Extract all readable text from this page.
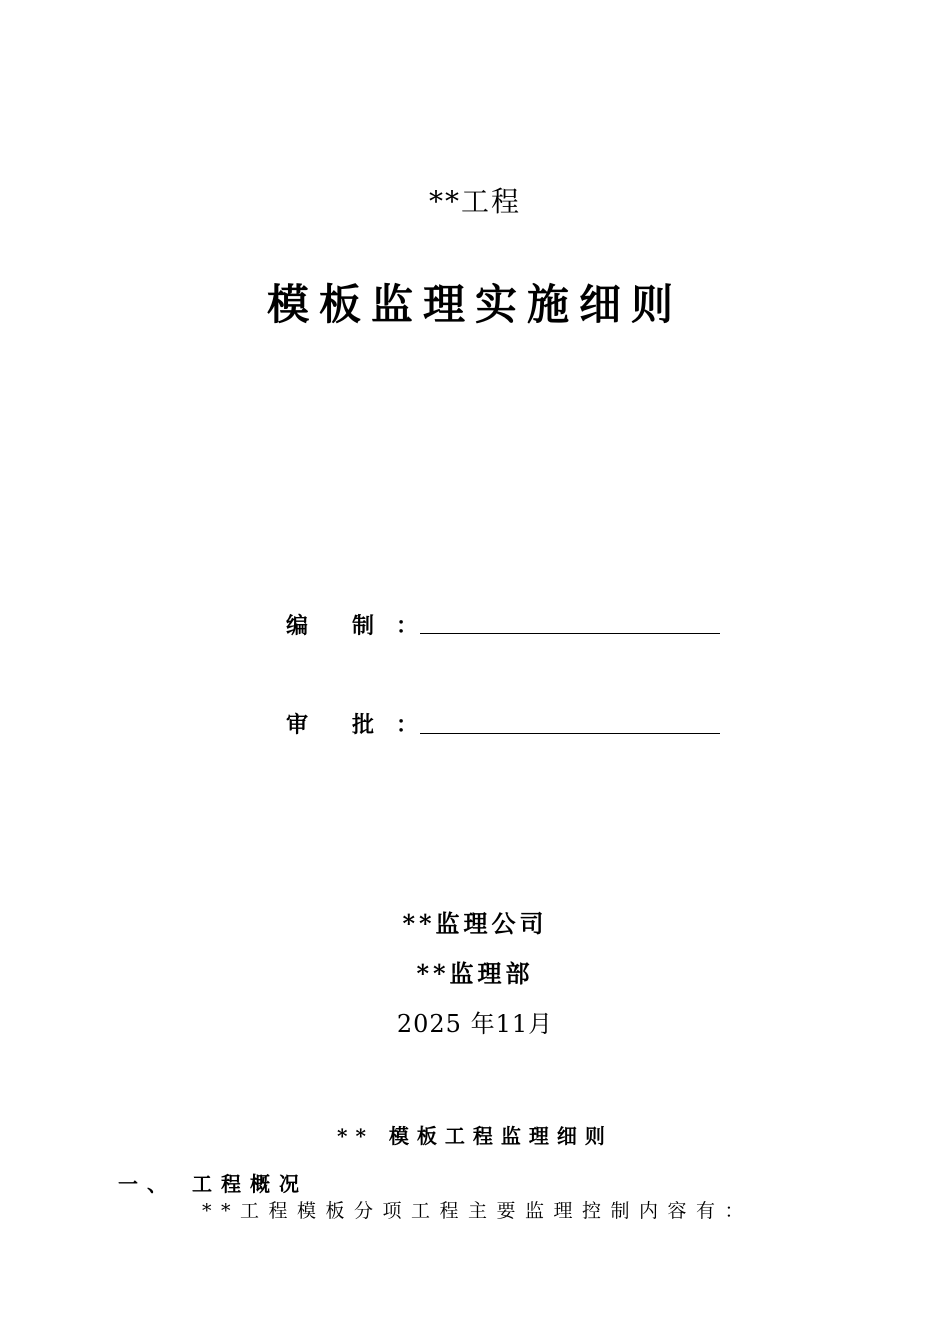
**工程
模板监理实施细则
编 制 ：
审 批 ：
**监理公司
**监理部
2025 年11月
** 模板工程监理细则
一、 工程概况
**工程模板分项工程主要监理控制内容有：
